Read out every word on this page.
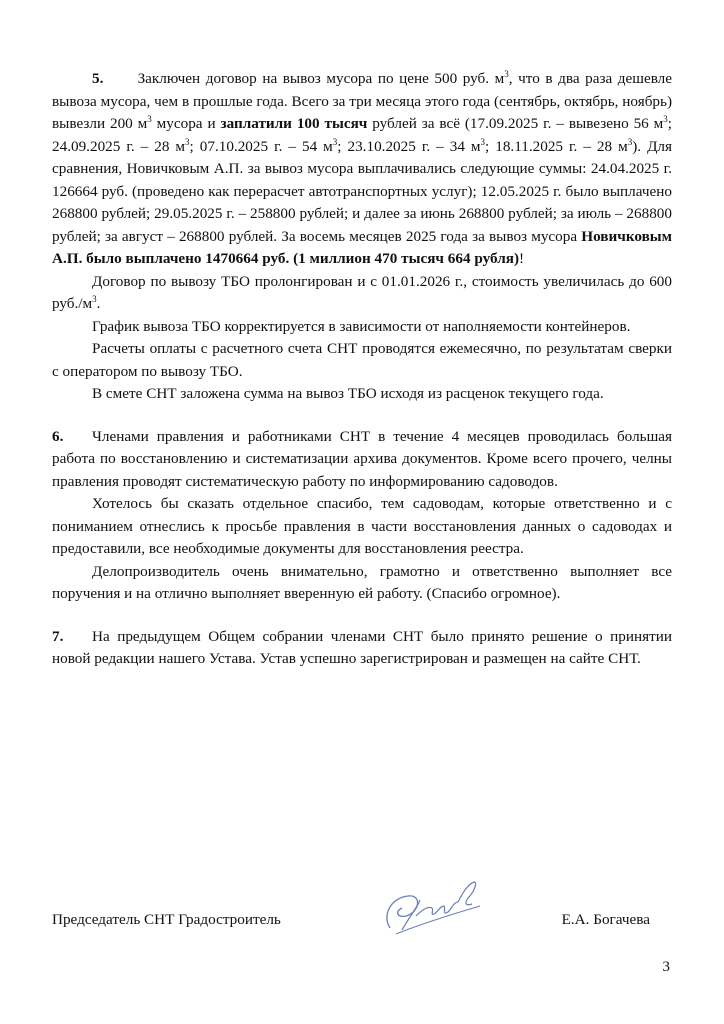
5. Заключен договор на вывоз мусора по цене 500 руб. $м^3$, что в два раза дешевле вывоза мусора, чем в прошлые года. Всего за три месяца этого года (сентябрь, октябрь, ноябрь) вывезли 200 $м^3$ мусора и заплатили 100 тысяч рублей за всё (17.09.2025 г. – вывезено 56 $м^3$; 24.09.2025 г. – 28 $м^3$; 07.10.2025 г. – 54 $м^3$; 23.10.2025 г. – 34 $м^3$; 18.11.2025 г. – 28 $м^3$). Для сравнения, Новичковым А.П. за вывоз мусора выплачивались следующие суммы: 24.04.2025 г. 126664 руб. (проведено как перерасчет автотранспортных услуг); 12.05.2025 г. было выплачено 268800 рублей; 29.05.2025 г. – 258800 рублей; и далее за июнь 268800 рублей; за июль – 268800 рублей; за август – 268800 рублей. За восемь месяцев 2025 года за вывоз мусора Новичковым А.П. было выплачено 1470664 руб. (1 миллион 470 тысяч 664 рубля)!

Договор по вывозу ТБО пролонгирован и с 01.01.2026 г., стоимость увеличилась до 600 $руб./м^3$.

График вывоза ТБО корректируется в зависимости от наполняемости контейнеров.

Расчеты оплаты с расчетного счета СНТ проводятся ежемесячно, по результатам сверки с оператором по вывозу ТБО.

В смете СНТ заложена сумма на вывоз ТБО исходя из расценок текущего года.

6. Членами правления и работниками СНТ в течение 4 месяцев проводилась большая работа по восстановлению и систематизации архива документов. Кроме всего прочего, челны правления проводят систематическую работу по информированию садоводов.

Хотелось бы сказать отдельное спасибо, тем садоводам, которые ответственно и с пониманием отнеслись к просьбе правления в части восстановления данных о садоводах и предоставили, все необходимые документы для восстановления реестра.

Делопроизводитель очень внимательно, грамотно и ответственно выполняет все поручения и на отлично выполняет вверенную ей работу. (Спасибо огромное).

7. На предыдущем Общем собрании членами СНТ было принято решение о принятии новой редакции нашего Устава. Устав успешно зарегистрирован и размещен на сайте СНТ.

Председатель СНТ Градостроитель	Е.А. Богачева
3
